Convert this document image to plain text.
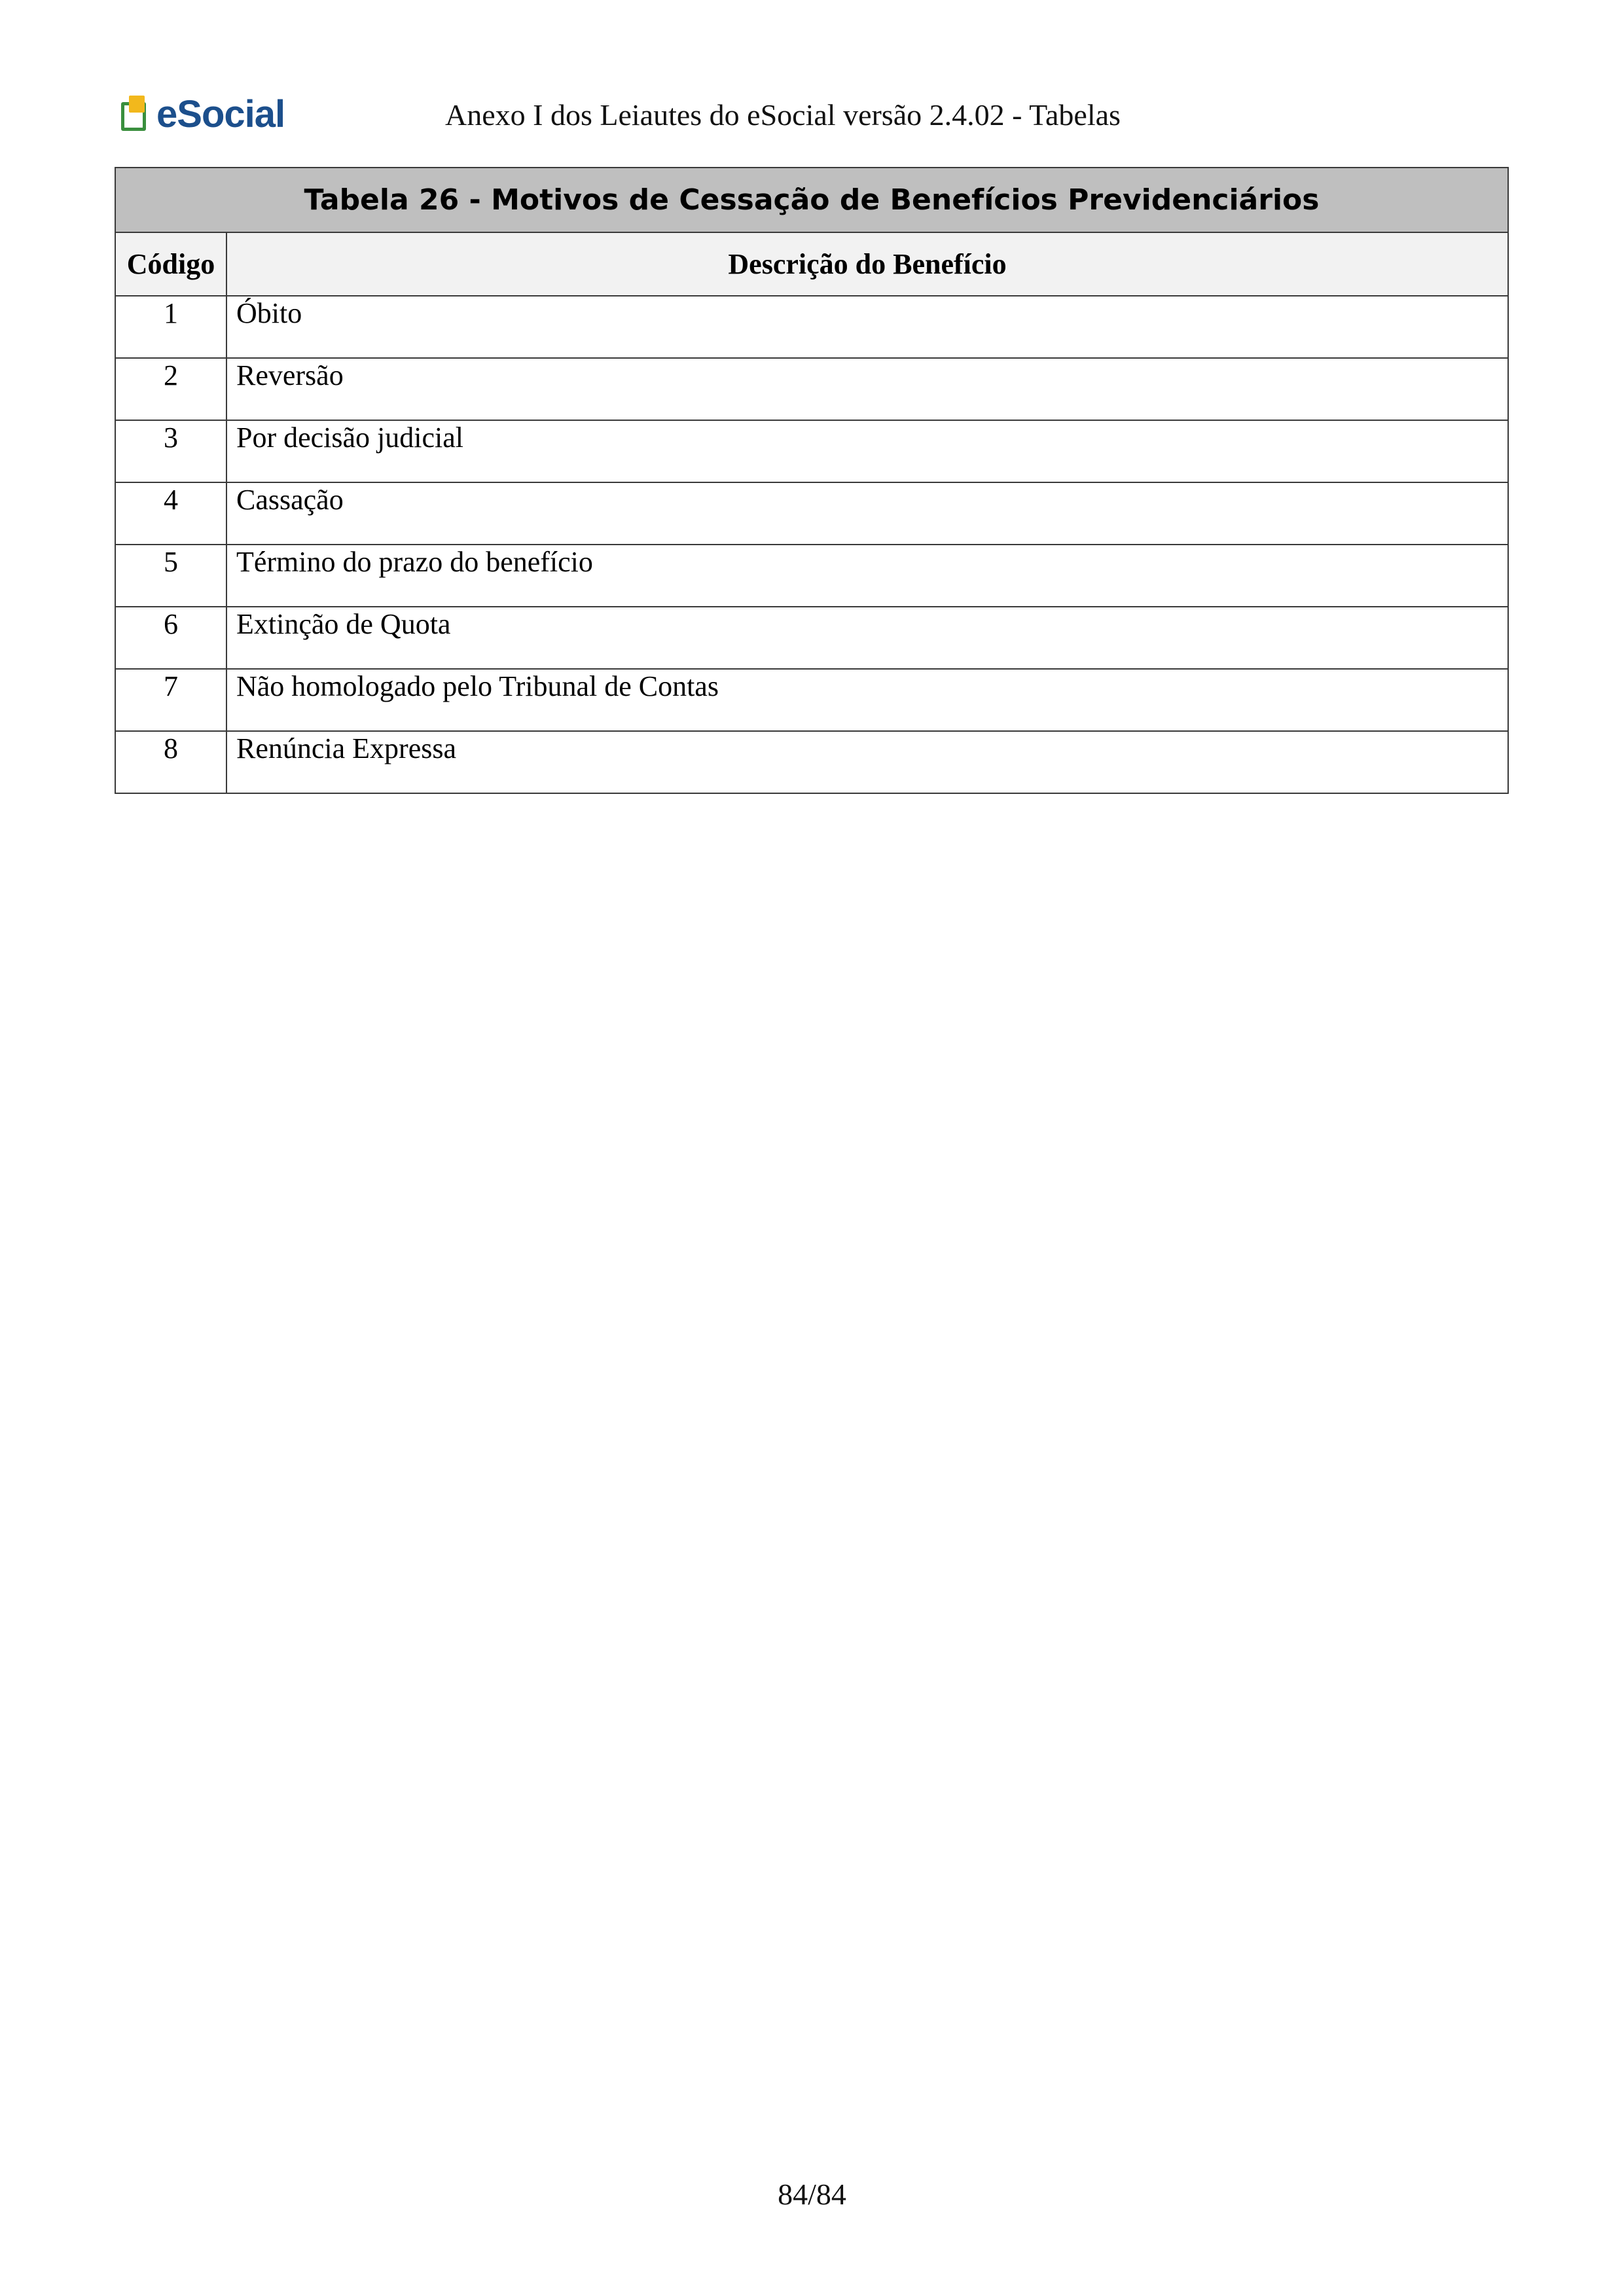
eSocial	Anexo I dos Leiautes do eSocial versão 2.4.02 - Tabelas
Tabela 26 - Motivos de Cessação de Benefícios Previdenciários	
Código	Descrição do Benefício
1	Óbito
2	Reversão
3	Por decisão judicial
4	Cassação
5	Término do prazo do benefício
6	Extinção de Quota
7	Não homologado pelo Tribunal de Contas
8	Renúncia Expressa
84/84
